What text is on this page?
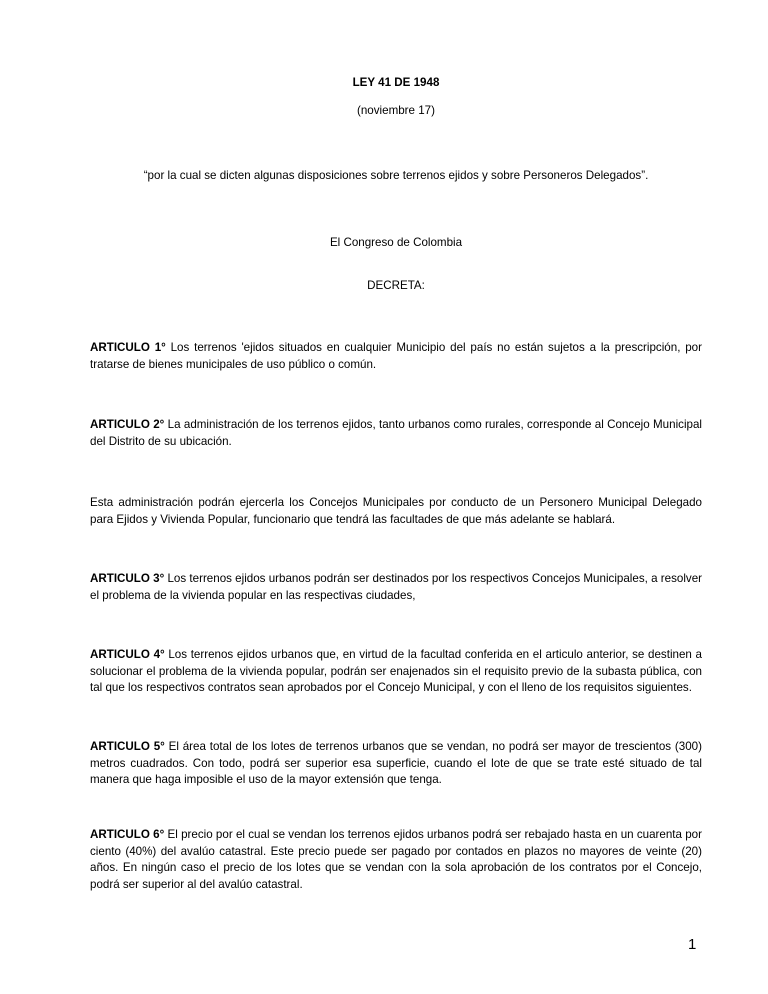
LEY 41 DE 1948
(noviembre 17)
“por la cual se dicten algunas disposiciones sobre terrenos ejidos y sobre Personeros Delegados”.
El Congreso de Colombia
DECRETA:

ARTICULO 1° Los terrenos 'ejidos situados en cualquier Municipio del país no están sujetos a la prescripción, por tratarse de bienes municipales de uso público o común.

ARTICULO 2° La administración de los terrenos ejidos, tanto urbanos como rurales, corresponde al Concejo Municipal del Distrito de su ubicación.

Esta administración podrán ejercerla los Concejos Municipales por conducto de un Personero Municipal Delegado para Ejidos y Vivienda Popular, funcionario que tendrá las facultades de que más adelante se hablará.

ARTICULO 3° Los terrenos ejidos urbanos podrán ser destinados por los respectivos Concejos Municipales, a resolver el problema de la vivienda popular en las respectivas ciudades,

ARTICULO 4° Los terrenos ejidos urbanos que, en virtud de la facultad conferida en el articulo anterior, se destinen a solucionar el problema de la vivienda popular, podrán ser enajenados sin el requisito previo de la subasta pública, con tal que los respectivos contratos sean aprobados por el Concejo Municipal, y con el lleno de los requisitos siguientes.

ARTICULO 5° El área total de los lotes de terrenos urbanos que se vendan, no podrá ser mayor de trescientos (300) metros cuadrados. Con todo, podrá ser superior esa superficie, cuando el lote de que se trate esté situado de tal manera que haga imposible el uso de la mayor extensión que tenga.

ARTICULO 6° El precio por el cual se vendan los terrenos ejidos urbanos podrá ser rebajado hasta en un cuarenta por ciento (40%) del avalúo catastral. Este precio puede ser pagado por contados en plazos no mayores de veinte (20) años. En ningún caso el precio de los lotes que se vendan con la sola aprobación de los contratos por el Concejo, podrá ser superior al del avalúo catastral.

1
